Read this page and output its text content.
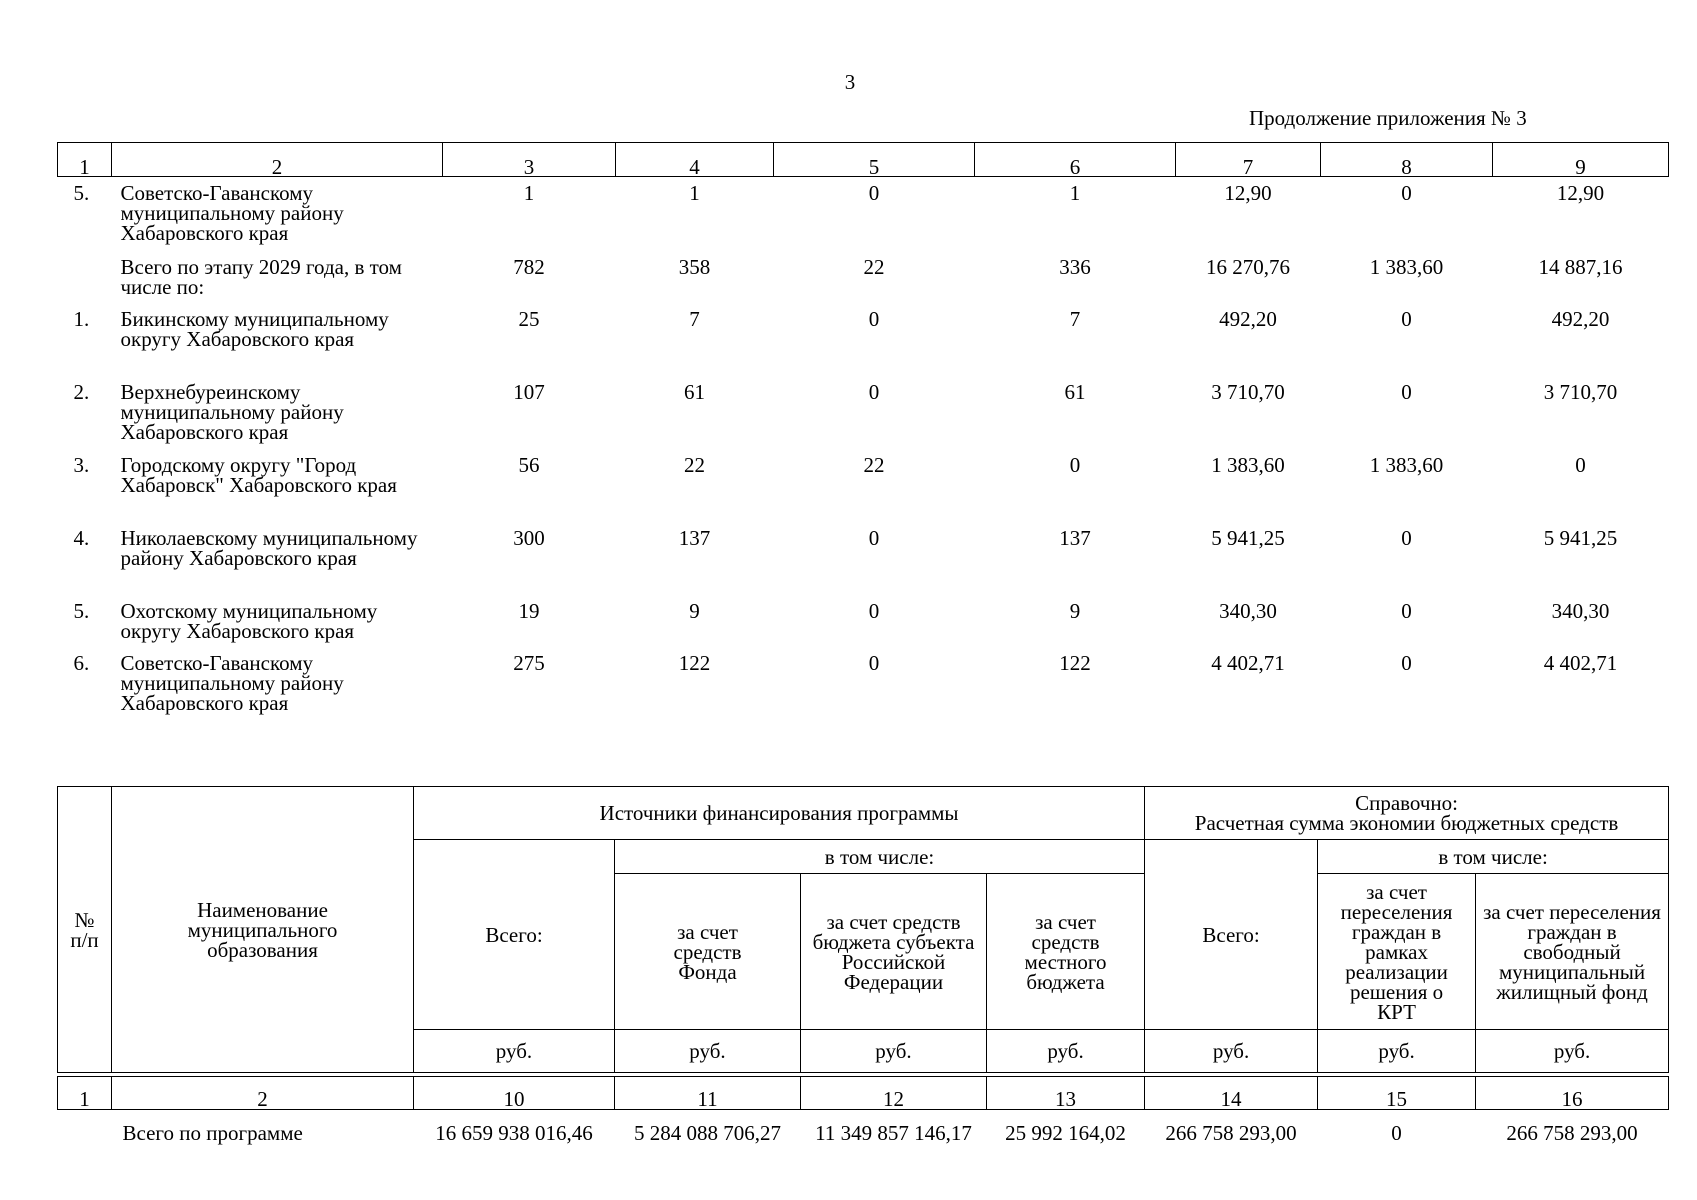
3
Продолжение приложения № 3
1	2	3	4	5	6	7	8	9
5.	Советско-Гаванскому муниципальному району Хабаровского края	1	1	0	1	12,90	0	12,90
	Всего по этапу 2029 года, в том числе по:	782	358	22	336	16 270,76	1 383,60	14 887,16
1.	Бикинскому муниципальному округу Хабаровского края	25	7	0	7	492,20	0	492,20
2.	Верхнебуреинскому муниципальному району Хабаровского края	107	61	0	61	3 710,70	0	3 710,70
3.	Городскому округу "Город Хабаровск" Хабаровского края	56	22	22	0	1 383,60	1 383,60	0
4.	Николаевскому муниципальному району Хабаровского края	300	137	0	137	5 941,25	0	5 941,25
5.	Охотскому муниципальному округу Хабаровского края	19	9	0	9	340,30	0	340,30
6.	Советско-Гаванскому муниципальному району Хабаровского края	275	122	0	122	4 402,71	0	4 402,71
№ п/п	Наименование муниципального образования	Источники финансирования программы				Справочно:
Расчетная сумма экономии бюджетных средств		

		Всего:	в том числе:			Всего:	в том числе:	
			за счет средств Фонда	за счет средств бюджета субъекта Российской Федерации	за счет средств местного бюджета		за счет переселения граждан в рамках реализации решения о КРТ	за счет переселения граждан в свободный муниципальный жилищный фонд
		руб.	руб.	руб.	руб.	руб.	руб.	руб.

1	2	10	11	12	13	14	15	16
Всего по программе		16 659 938 016,46	5 284 088 706,27	11 349 857 146,17	25 992 164,02	266 758 293,00	0	266 758 293,00
